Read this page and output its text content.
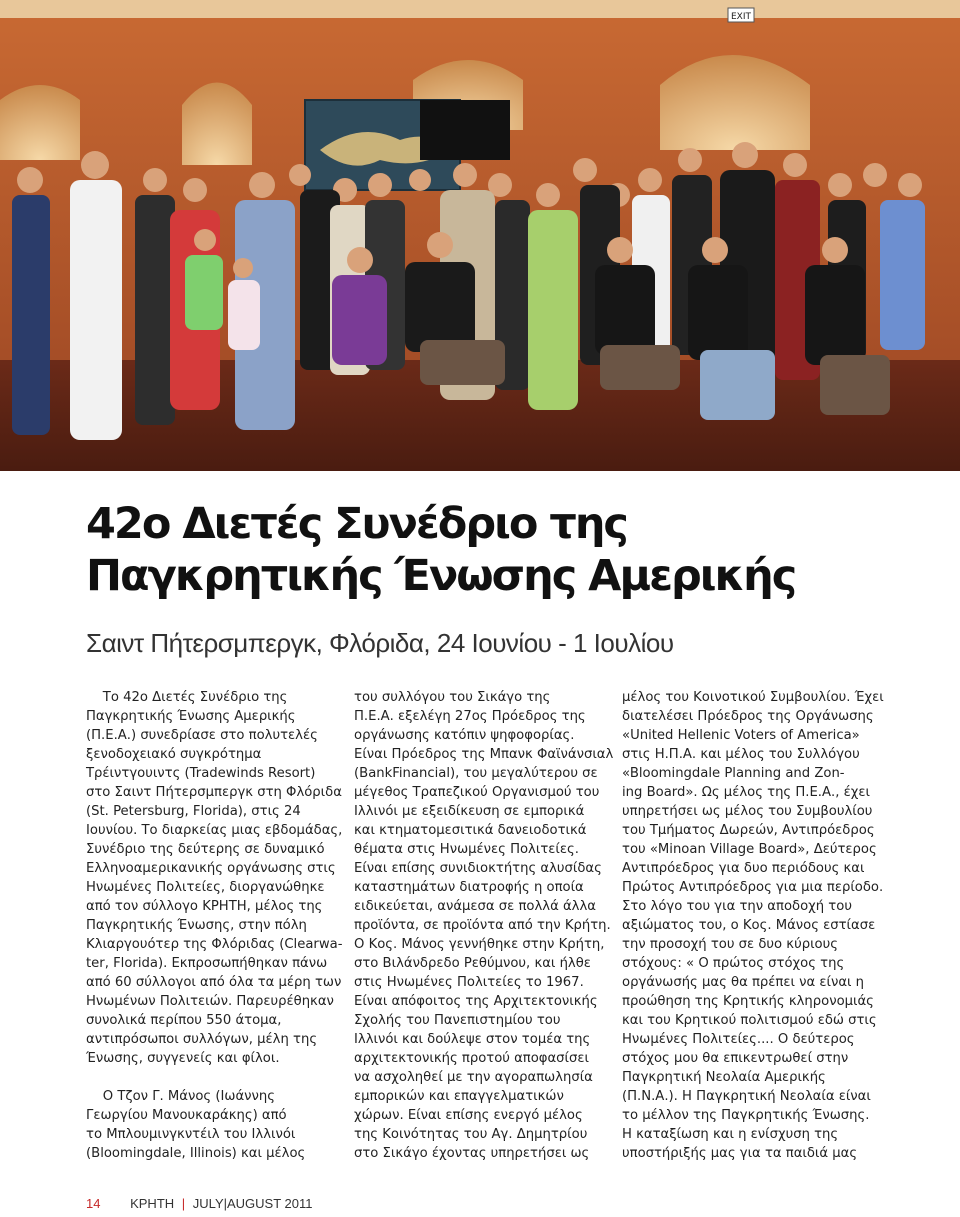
EXIT
42ο Διετές Συνέδριο της
Παγκρητικής Ένωσης Αμερικής
Σαιντ Πήτερσμπεργκ, Φλόριδα, 24 Ιουνίου - 1 Ιουλίου

Το 42ο Διετές Συνέδριο της
Παγκρητικής Ένωσης Αμερικής
(Π.Ε.Α.) συνεδρίασε στο πολυτελές
ξενοδοχειακό συγκρότημα
Τρέιντγουιντς (Tradewinds Resort)
στο Σαιντ Πήτερσμπεργκ στη Φλόριδα
(St. Petersburg, Florida), στις 24
Ιουνίου. Το διαρκείας μιας εβδομάδας,
Συνέδριο της δεύτερης σε δυναμικό
Ελληνοαμερικανικής οργάνωσης στις
Ηνωμένες Πολιτείες, διοργανώθηκε
από τον σύλλογο ΚΡΗΤΗ, μέλος της
Παγκρητικής Ένωσης, στην πόλη
Κλιαργουότερ της Φλόριδας (Clearwa-
ter, Florida). Εκπροσωπήθηκαν πάνω
από 60 σύλλογοι από όλα τα μέρη των
Ηνωμένων Πολιτειών. Παρευρέθηκαν
συνολικά περίπου 550 άτομα,
αντιπρόσωποι συλλόγων, μέλη της
Ένωσης, συγγενείς και φίλοι.

Ο Τζον Γ. Μάνος (Ιωάννης
Γεωργίου Μανουκαράκης) από
το Μπλουμινγκντέιλ του Ιλλινόι
(Bloomingdale, Illinois) και μέλος

του συλλόγου του Σικάγο της
Π.Ε.Α. εξελέγη 27ος Πρόεδρος της
οργάνωσης κατόπιν ψηφοφορίας.
Είναι Πρόεδρος της Μπανκ Φαϊνάνσιαλ
(BankFinancial), του μεγαλύτερου σε
μέγεθος Τραπεζικού Οργανισμού του
Ιλλινόι με εξειδίκευση σε εμπορικά
και κτηματομεσιτικά δανειοδοτικά
θέματα στις Ηνωμένες Πολιτείες.
Είναι επίσης συνιδιοκτήτης αλυσίδας
καταστημάτων διατροφής η οποία
ειδικεύεται, ανάμεσα σε πολλά άλλα
προϊόντα, σε προϊόντα από την Κρήτη.
Ο Κος. Μάνος γεννήθηκε στην Κρήτη,
στο Βιλάνδρεδο Ρεθύμνου, και ήλθε
στις Ηνωμένες Πολιτείες το 1967.
Είναι απόφοιτος της Αρχιτεκτονικής
Σχολής του Πανεπιστημίου του
Ιλλινόι και δούλεψε στον τομέα της
αρχιτεκτονικής προτού αποφασίσει
να ασχοληθεί με την αγοραπωλησία
εμπορικών και επαγγελματικών
χώρων. Είναι επίσης ενεργό μέλος
της Κοινότητας του Αγ. Δημητρίου
στο Σικάγο έχοντας υπηρετήσει ως

μέλος του Κοινοτικού Συμβουλίου. Έχει
διατελέσει Πρόεδρος της Οργάνωσης
«United Hellenic Voters of America»
στις Η.Π.Α. και μέλος του Συλλόγου
«Bloomingdale Planning and Zon-
ing Board». Ως μέλος της Π.Ε.Α., έχει
υπηρετήσει ως μέλος του Συμβουλίου
του Τμήματος Δωρεών, Αντιπρόεδρος
του «Minoan Village Board», Δεύτερος
Αντιπρόεδρος για δυο περιόδους και
Πρώτος Αντιπρόεδρος για μια περίοδο.
Στο λόγο του για την αποδοχή του
αξιώματος του, ο Κος. Μάνος εστίασε
την προσοχή του σε δυο κύριους
στόχους: « Ο πρώτος στόχος της
οργάνωσής μας θα πρέπει να είναι η
προώθηση της Κρητικής κληρονομιάς
και του Κρητικού πολιτισμού εδώ στις
Ηνωμένες Πολιτείες.... Ο δεύτερος
στόχος μου θα επικεντρωθεί στην
Παγκρητική Νεολαία Αμερικής
(Π.Ν.Α.). Η Παγκρητική Νεολαία είναι
το μέλλον της Παγκρητικής Ένωσης.
Η καταξίωση και η ενίσχυση της
υποστήριξής μας για τα παιδιά μας

14 ΚΡΗΤΗ | JULY|AUGUST 2011
